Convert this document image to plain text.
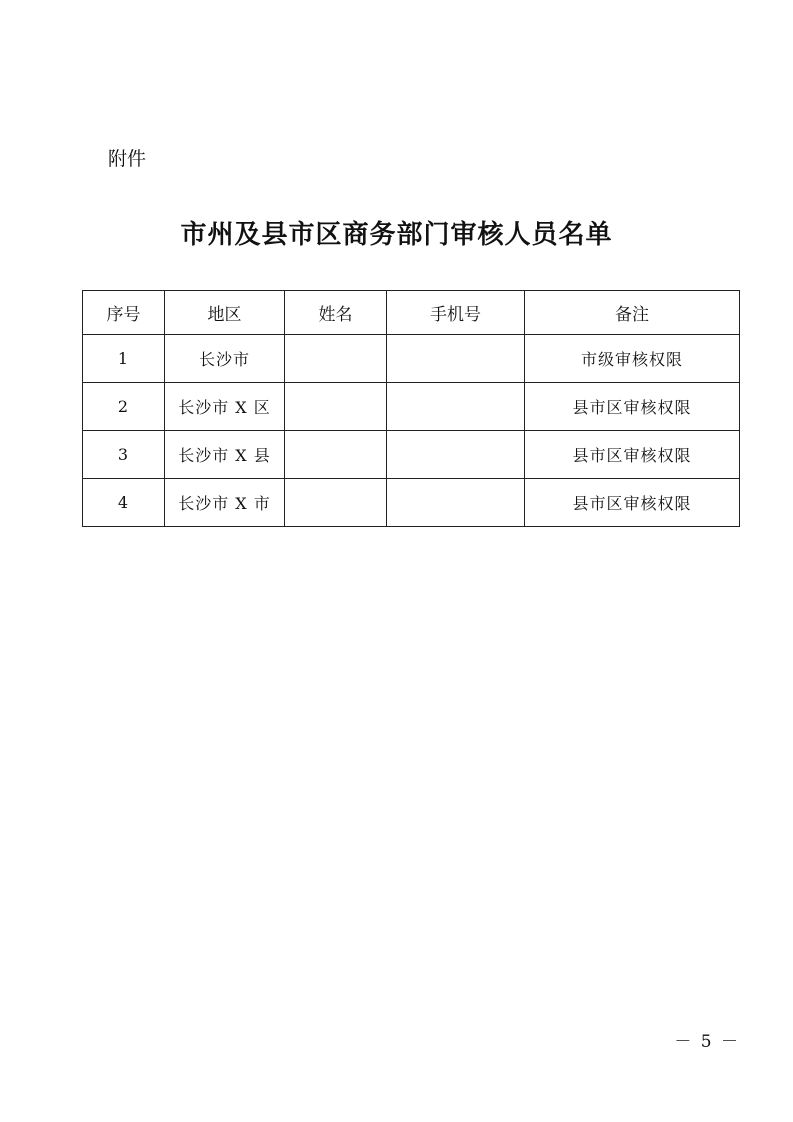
附件
市州及县市区商务部门审核人员名单
序号	地区	姓名	手机号	备注
1	长沙市			市级审核权限
2	长沙市 X 区			县市区审核权限
3	长沙市 X 县			县市区审核权限
4	长沙市 X 市			县市区审核权限
－ 5 －
